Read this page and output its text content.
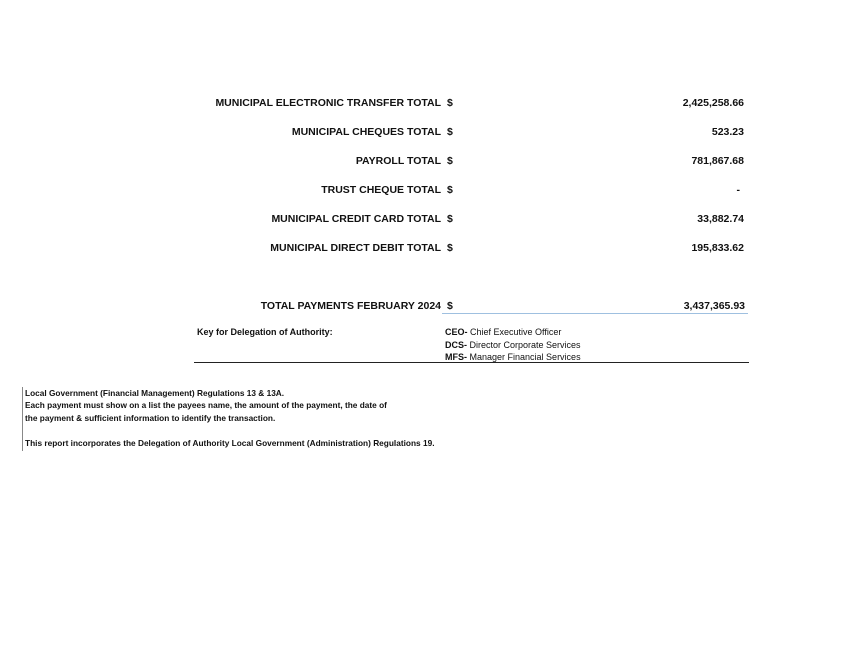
MUNICIPAL ELECTRONIC TRANSFER TOTAL $	2,425,258.66
MUNICIPAL CHEQUES TOTAL $	523.23
PAYROLL TOTAL $	781,867.68
TRUST CHEQUE TOTAL $	-
MUNICIPAL CREDIT CARD TOTAL $	33,882.74
MUNICIPAL DIRECT DEBIT TOTAL $	195,833.62
TOTAL PAYMENTS FEBRUARY 2024 $	3,437,365.93
Key for Delegation of Authority:	CEO- Chief Executive Officer
DCS- Director Corporate Services
MFS- Manager Financial Services
Local Government (Financial Management) Regulations 13 & 13A.
Each payment must show on a list the payees name, the amount of the payment, the date of
the payment & sufficient information to identify the transaction.
This report incorporates the Delegation of Authority Local Government (Administration) Regulations 19.
